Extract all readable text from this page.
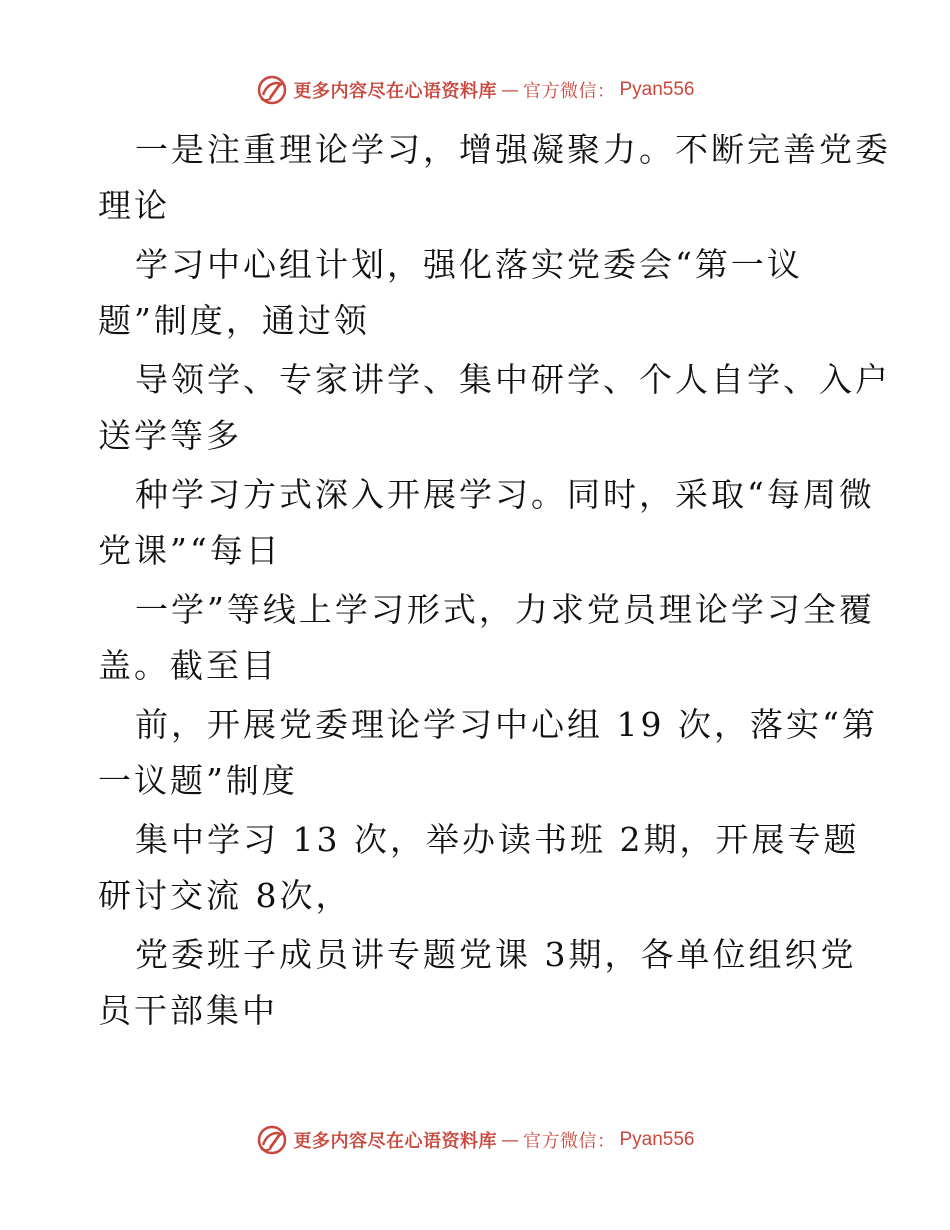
更多内容尽在心语资料库 — 官方微信： Pyan556
一是注重理论学习，增强凝聚力。不断完善党委
理论
学习中心组计划，强化落实党委会“第一议
题”制度，通过领
导领学、专家讲学、集中研学、个人自学、入户
送学等多
种学习方式深入开展学习。同时，采取“每周微
党课”“每日
一学”等线上学习形式，力求党员理论学习全覆
盖。截至目
前，开展党委理论学习中心组 19 次，落实“第
一议题”制度
集中学习 13 次，举办读书班 2期，开展专题
研讨交流 8次，
党委班子成员讲专题党课 3期，各单位组织党
员干部集中
更多内容尽在心语资料库 — 官方微信： Pyan556
